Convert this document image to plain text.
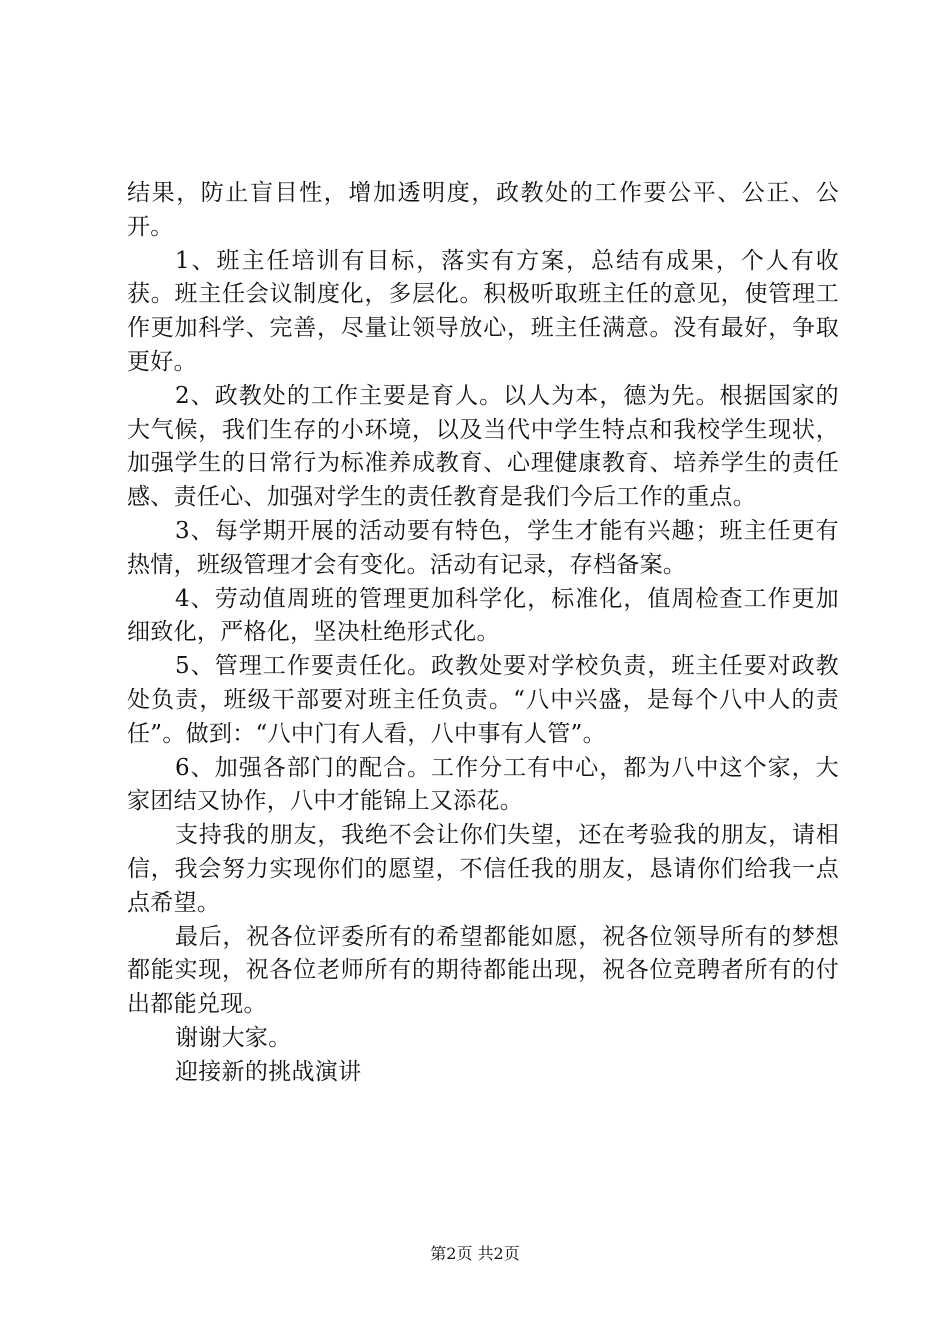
结果，防止盲目性，增加透明度，政教处的工作要公平、公正、公开。

1、班主任培训有目标，落实有方案，总结有成果，个人有收获。班主任会议制度化，多层化。积极听取班主任的意见，使管理工作更加科学、完善，尽量让领导放心，班主任满意。没有最好，争取更好。

2、政教处的工作主要是育人。以人为本，德为先。根据国家的大气候，我们生存的小环境，以及当代中学生特点和我校学生现状，加强学生的日常行为标准养成教育、心理健康教育、培养学生的责任感、责任心、加强对学生的责任教育是我们今后工作的重点。

3、每学期开展的活动要有特色，学生才能有兴趣；班主任更有热情，班级管理才会有变化。活动有记录，存档备案。

4、劳动值周班的管理更加科学化，标准化，值周检查工作更加细致化，严格化，坚决杜绝形式化。

5、管理工作要责任化。政教处要对学校负责，班主任要对政教处负责，班级干部要对班主任负责。“八中兴盛，是每个八中人的责任”。做到：“八中门有人看，八中事有人管”。

6、加强各部门的配合。工作分工有中心，都为八中这个家，大家团结又协作，八中才能锦上又添花。

支持我的朋友，我绝不会让你们失望，还在考验我的朋友，请相信，我会努力实现你们的愿望，不信任我的朋友，恳请你们给我一点点希望。

最后，祝各位评委所有的希望都能如愿，祝各位领导所有的梦想都能实现，祝各位老师所有的期待都能出现，祝各位竞聘者所有的付出都能兑现。

谢谢大家。

迎接新的挑战演讲

第2页 共2页
